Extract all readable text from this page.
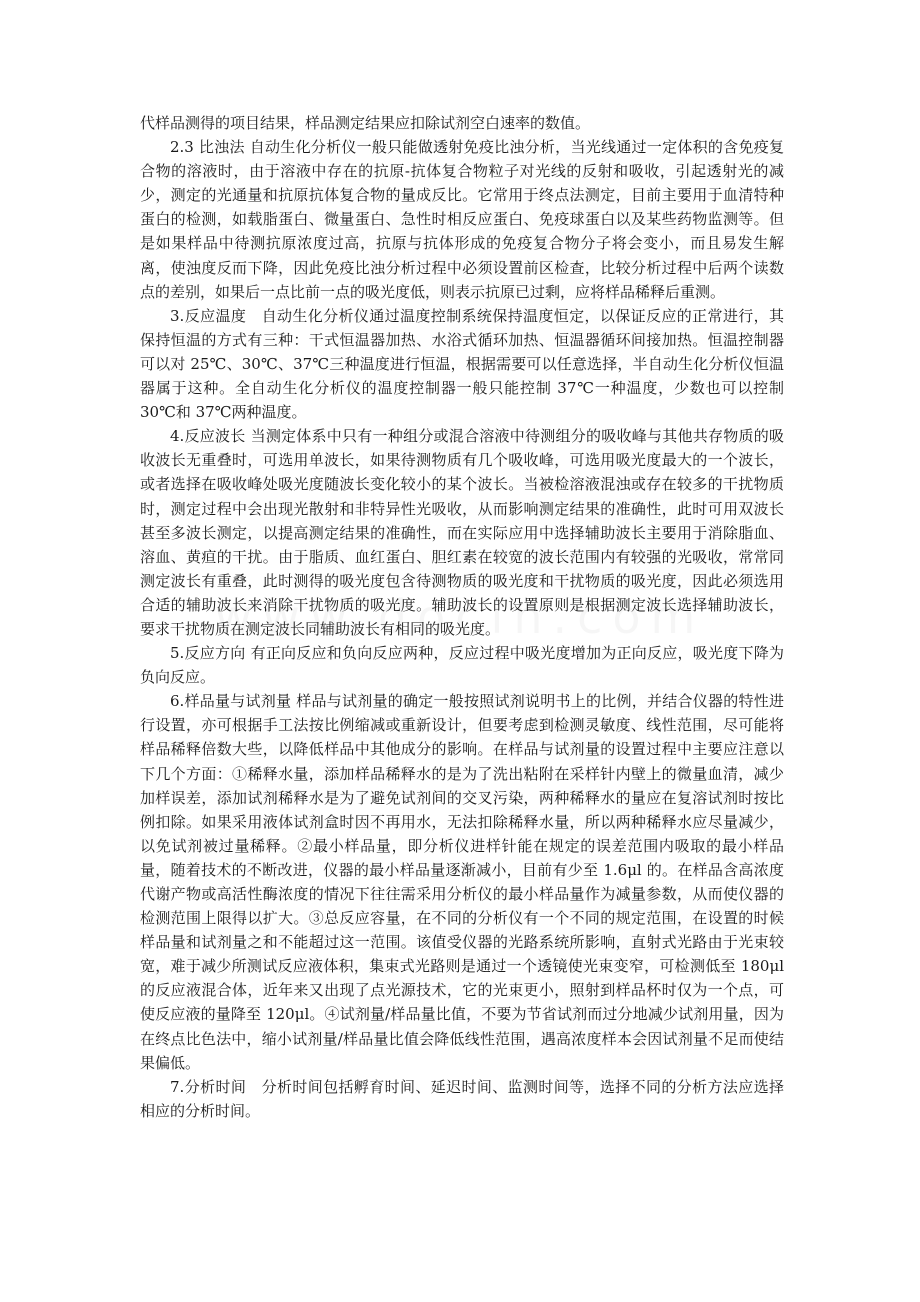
代样品测得的项目结果，样品测定结果应扣除试剂空白速率的数值。

2.3 比浊法 自动生化分析仪一般只能做透射免疫比浊分析，当光线通过一定体积的含免疫复合物的溶液时，由于溶液中存在的抗原-抗体复合物粒子对光线的反射和吸收，引起透射光的减少，测定的光通量和抗原抗体复合物的量成反比。它常用于终点法测定，目前主要用于血清特种蛋白的检测，如载脂蛋白、微量蛋白、急性时相反应蛋白、免疫球蛋白以及某些药物监测等。但是如果样品中待测抗原浓度过高，抗原与抗体形成的免疫复合物分子将会变小，而且易发生解离，使浊度反而下降，因此免疫比浊分析过程中必须设置前区检查，比较分析过程中后两个读数点的差别，如果后一点比前一点的吸光度低，则表示抗原已过剩，应将样品稀释后重测。

3.反应温度　自动生化分析仪通过温度控制系统保持温度恒定，以保证反应的正常进行，其保持恒温的方式有三种：干式恒温器加热、水浴式循环加热、恒温器循环间接加热。恒温控制器可以对 25℃、30℃、37℃三种温度进行恒温，根据需要可以任意选择，半自动生化分析仪恒温器属于这种。全自动生化分析仪的温度控制器一般只能控制 37℃一种温度，少数也可以控制 30℃和 37℃两种温度。

4.反应波长 当测定体系中只有一种组分或混合溶液中待测组分的吸收峰与其他共存物质的吸收波长无重叠时，可选用单波长，如果待测物质有几个吸收峰，可选用吸光度最大的一个波长，或者选择在吸收峰处吸光度随波长变化较小的某个波长。当被检溶液混浊或存在较多的干扰物质时，测定过程中会出现光散射和非特异性光吸收，从而影响测定结果的准确性，此时可用双波长甚至多波长测定，以提高测定结果的准确性，而在实际应用中选择辅助波长主要用于消除脂血、溶血、黄疸的干扰。由于脂质、血红蛋白、胆红素在较宽的波长范围内有较强的光吸收，常常同测定波长有重叠，此时测得的吸光度包含待测物质的吸光度和干扰物质的吸光度，因此必须选用合适的辅助波长来消除干扰物质的吸光度。辅助波长的设置原则是根据测定波长选择辅助波长，要求干扰物质在测定波长同辅助波长有相同的吸光度。

5.反应方向 有正向反应和负向反应两种，反应过程中吸光度增加为正向反应，吸光度下降为负向反应。

6.样品量与试剂量 样品与试剂量的确定一般按照试剂说明书上的比例，并结合仪器的特性进行设置，亦可根据手工法按比例缩减或重新设计，但要考虑到检测灵敏度、线性范围，尽可能将样品稀释倍数大些，以降低样品中其他成分的影响。在样品与试剂量的设置过程中主要应注意以下几个方面：①稀释水量，添加样品稀释水的是为了洗出粘附在采样针内壁上的微量血清，减少加样误差，添加试剂稀释水是为了避免试剂间的交叉污染，两种稀释水的量应在复溶试剂时按比例扣除。如果采用液体试剂盒时因不再用水，无法扣除稀释水量，所以两种稀释水应尽量减少，以免试剂被过量稀释。②最小样品量，即分析仪进样针能在规定的误差范围内吸取的最小样品量，随着技术的不断改进，仪器的最小样品量逐渐减小，目前有少至 1.6μl 的。在样品含高浓度代谢产物或高活性酶浓度的情况下往往需采用分析仪的最小样品量作为减量参数，从而使仪器的检测范围上限得以扩大。③总反应容量，在不同的分析仪有一个不同的规定范围，在设置的时候样品量和试剂量之和不能超过这一范围。该值受仪器的光路系统所影响，直射式光路由于光束较宽，难于减少所测试反应液体积，集束式光路则是通过一个透镜使光束变窄，可检测低至 180μl 的反应液混合体，近年来又出现了点光源技术，它的光束更小，照射到样品杯时仅为一个点，可使反应液的量降至 120μl。④试剂量/样品量比值，不要为节省试剂而过分地减少试剂用量，因为在终点比色法中，缩小试剂量/样品量比值会降低线性范围，遇高浓度样本会因试剂量不足而使结果偏低。

7.分析时间　分析时间包括孵育时间、延迟时间、监测时间等，选择不同的分析方法应选择相应的分析时间。
